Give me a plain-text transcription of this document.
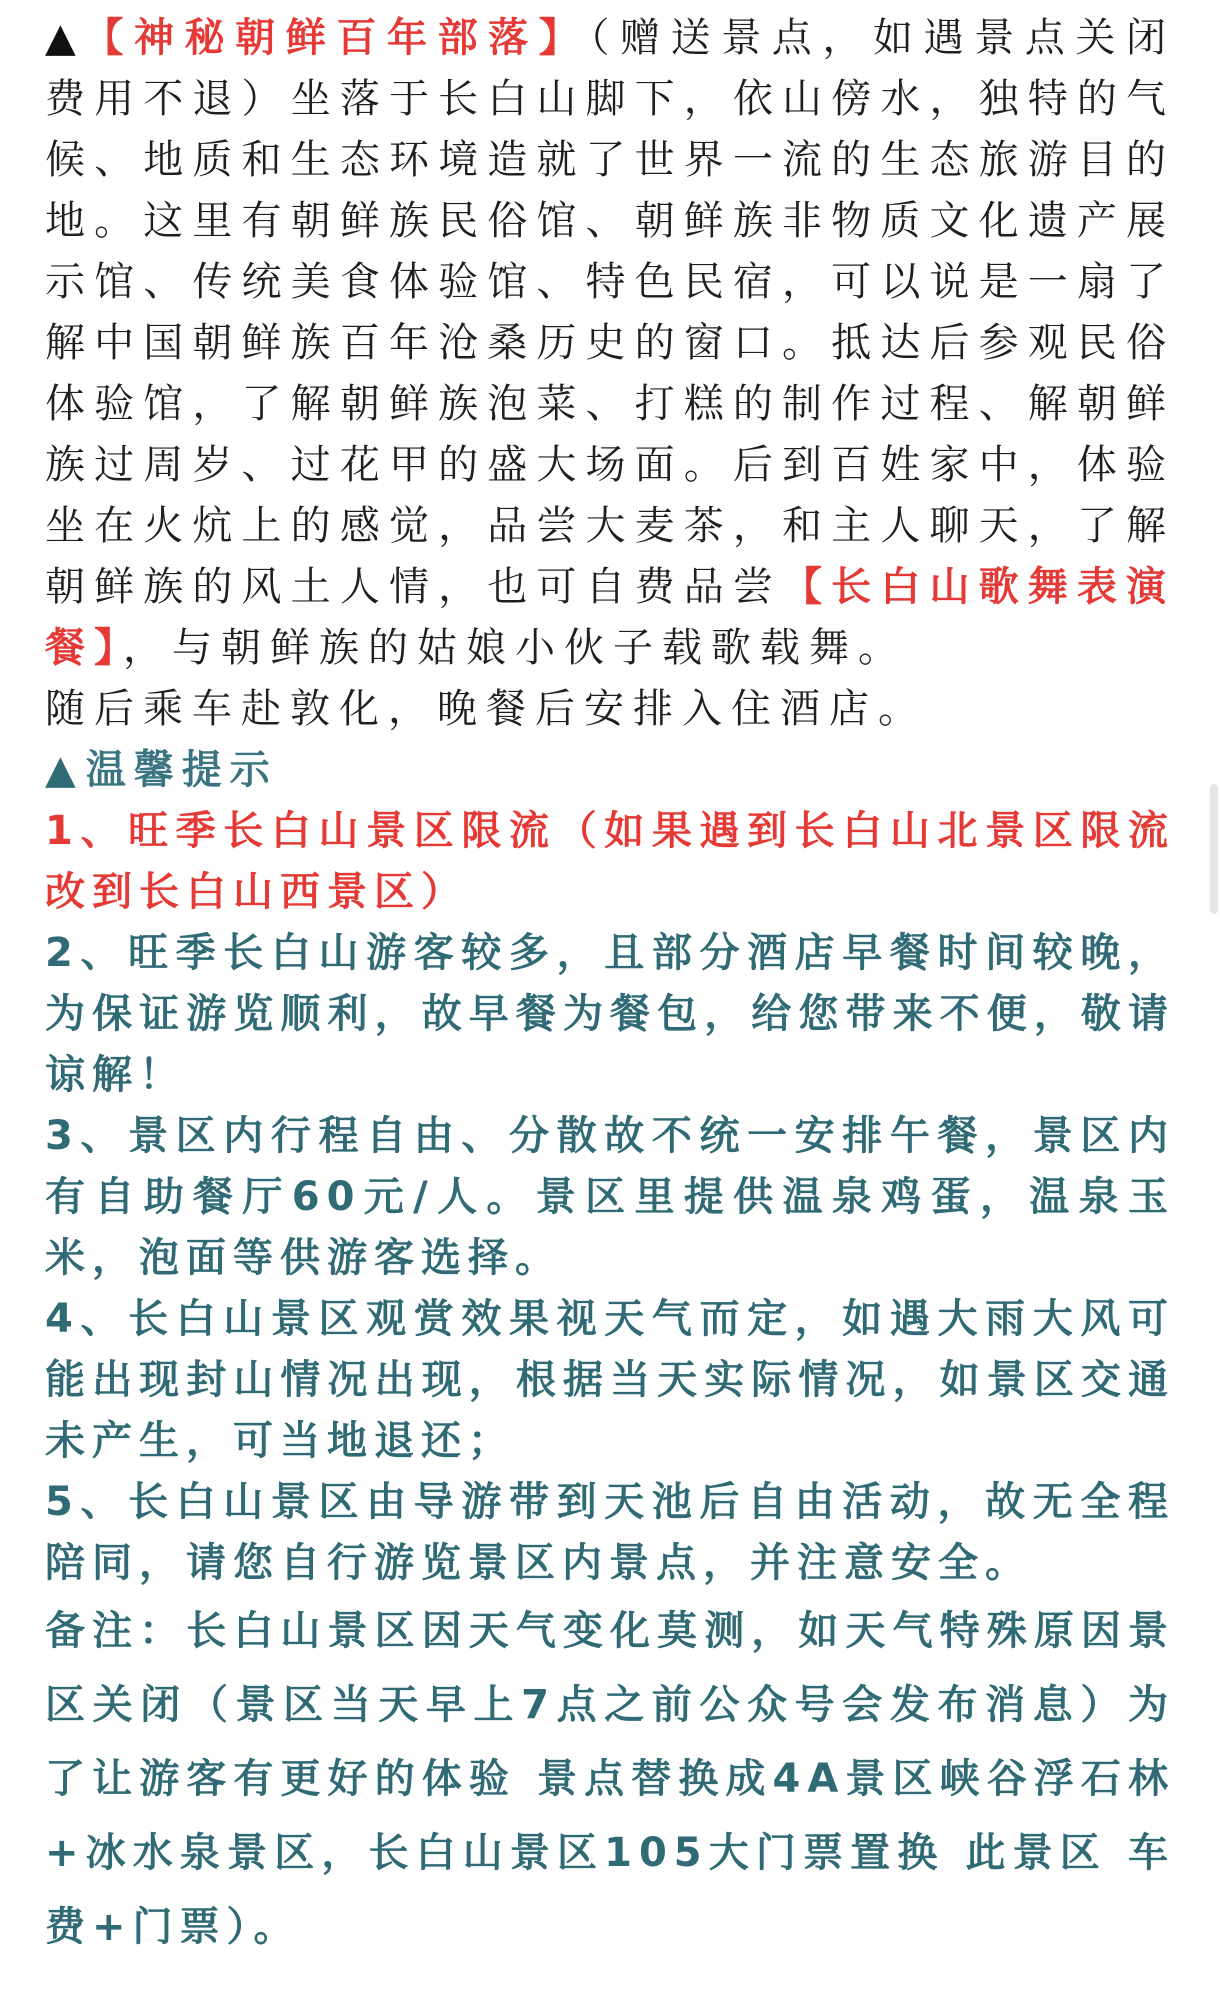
▲ 【神秘朝鲜百年部落】（赠送景点，如遇景点关闭费用不退）坐落于长白山脚下，依山傍水，独特的气候、地质和生态环境造就了世界一流的生态旅游目的地。这里有朝鲜族民俗馆、朝鲜族非物质文化遗产展示馆、传统美食体验馆、特色民宿，可以说是一扇了解中国朝鲜族百年沧桑历史的窗口。抵达后参观民俗体验馆，了解朝鲜族泡菜、打糕的制作过程、解朝鲜族过周岁、过花甲的盛大场面。后到百姓家中，体验坐在火炕上的感觉，品尝大麦茶，和主人聊天，了解朝鲜族的风土人情，也可自费品尝【长白山歌舞表演餐】，与朝鲜族的姑娘小伙子载歌载舞。

随后乘车赴敦化，晚餐后安排入住酒店。

▲ 温馨提示

1、旺季长白山景区限流（如果遇到长白山北景区限流改到长白山西景区）

2、旺季长白山游客较多，且部分酒店早餐时间较晚，为保证游览顺利，故早餐为餐包，给您带来不便，敬请谅解！

3、景区内行程自由、分散故不统一安排午餐，景区内有自助餐厅60元/人。景区里提供温泉鸡蛋，温泉玉米，泡面等供游客选择。

4、长白山景区观赏效果视天气而定，如遇大雨大风可能出现封山情况出现，根据当天实际情况，如景区交通未产生，可当地退还；

5、长白山景区由导游带到天池后自由活动，故无全程陪同，请您自行游览景区内景点，并注意安全。

备注：长白山景区因天气变化莫测，如天气特殊原因景区关闭（景区当天早上7点之前公众号会发布消息）为了让游客有更好的体验 景点替换成4A景区峡谷浮石林+冰水泉景区，长白山景区105大门票置换 此景区 车费+门票）。
